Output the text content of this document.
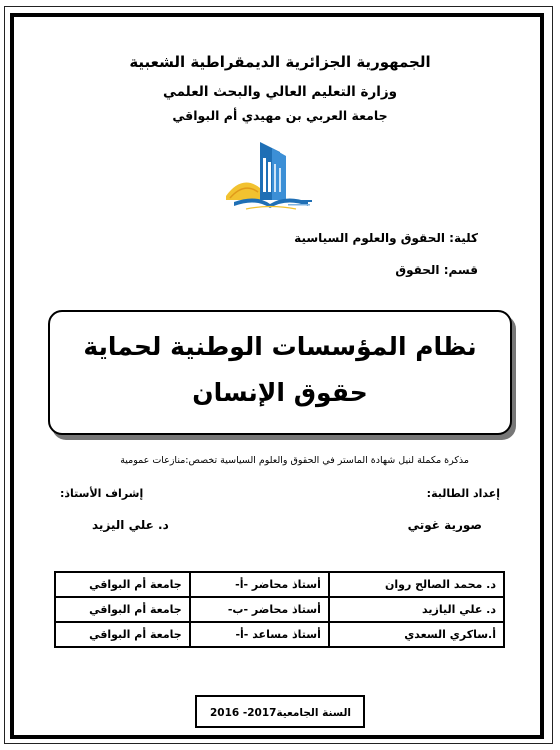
الجمهورية الجزائرية الديمقراطية الشعبية
وزارة التعليم العالي والبحث العلمي
جامعة العربي بن مهيدي أم البواقي
كلية: الحقوق والعلوم السياسية
قسم: الحقوق
نظام المؤسسات الوطنية لحماية
حقوق الإنسان
مذكرة مكملة لنيل شهادة الماستر في الحقوق والعلوم السياسية تخصص:منازعات عمومية
إعداد الطالبة:
إشراف الأستاذ:
صورية غوتي
د. علي اليزيد
د. محمد الصالح روان	أستاذ محاضر -أ-	جامعة أم البواقي
د. علي اليازيد	أستاذ محاضر -ب-	جامعة أم البواقي
أ.ساكري السعدي	أستاذ مساعد -أ-	جامعة أم البواقي
السنة الجامعية
2016 -2017
